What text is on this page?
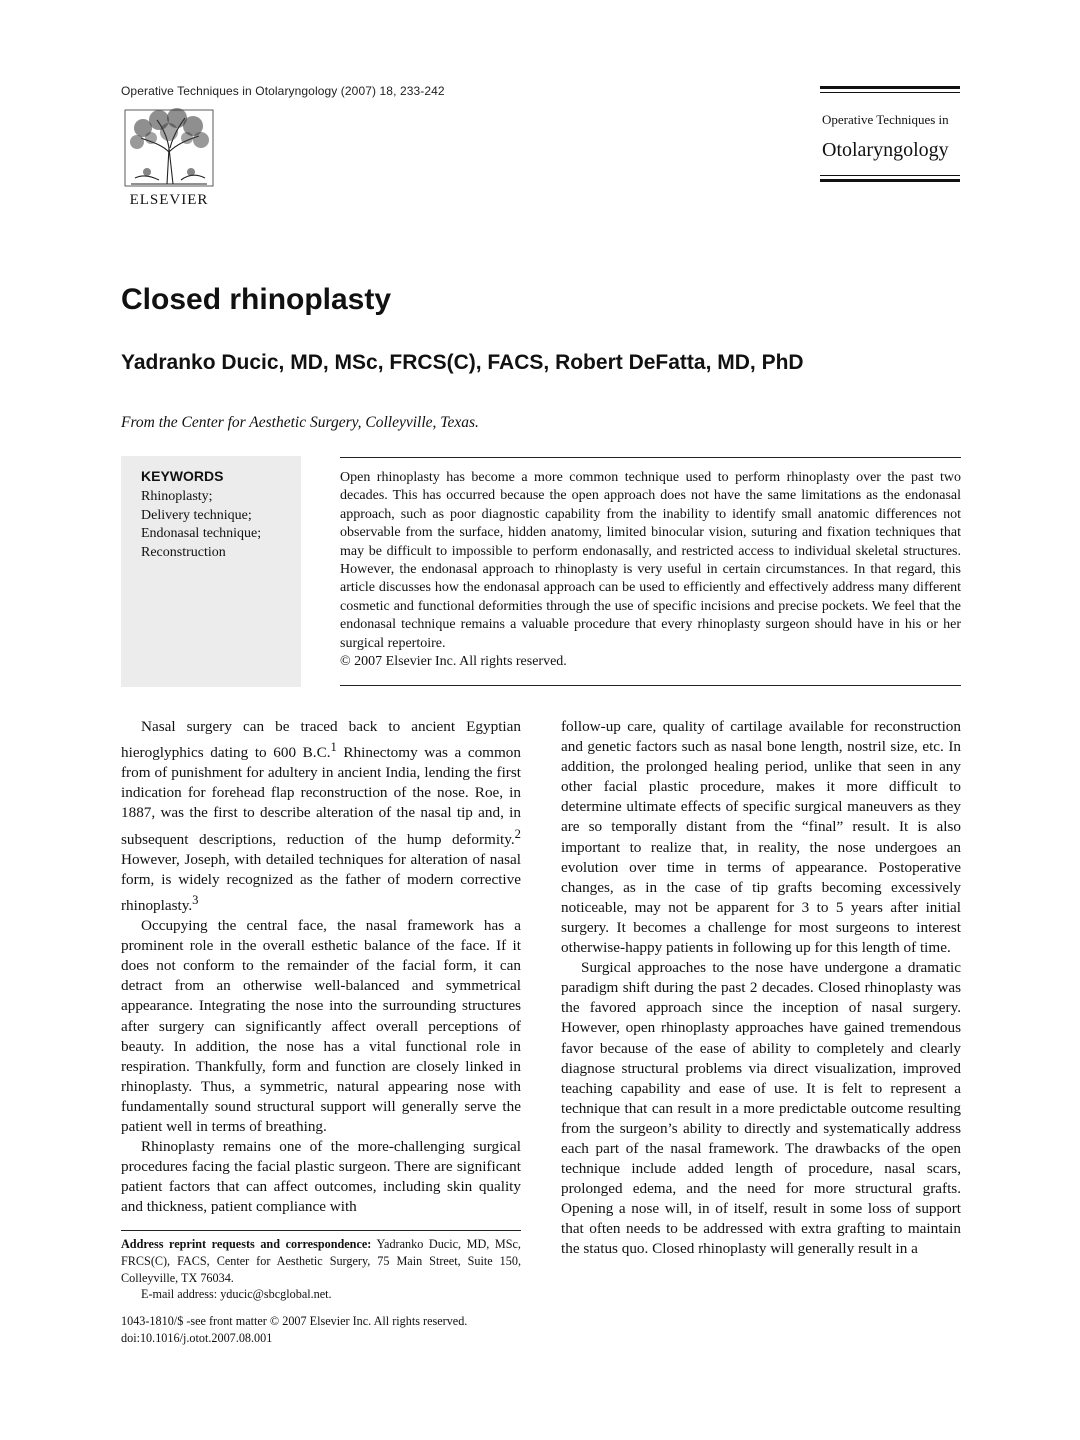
Operative Techniques in Otolaryngology (2007) 18, 233-242
ELSEVIER
Operative Techniques in
Otolaryngology
Closed rhinoplasty
Yadranko Ducic, MD, MSc, FRCS(C), FACS, Robert DeFatta, MD, PhD
From the Center for Aesthetic Surgery, Colleyville, Texas.
KEYWORDS
Rhinoplasty;
Delivery technique;
Endonasal technique;
Reconstruction

Open rhinoplasty has become a more common technique used to perform rhinoplasty over the past two decades. This has occurred because the open approach does not have the same limitations as the endonasal approach, such as poor diagnostic capability from the inability to identify small anatomic differences not observable from the surface, hidden anatomy, limited binocular vision, suturing and fixation techniques that may be difficult to impossible to perform endonasally, and restricted access to individual skeletal structures. However, the endonasal approach to rhinoplasty is very useful in certain circumstances. In that regard, this article discusses how the endonasal approach can be used to efficiently and effectively address many different cosmetic and functional deformities through the use of specific incisions and precise pockets. We feel that the endonasal technique remains a valuable procedure that every rhinoplasty surgeon should have in his or her surgical repertoire.

© 2007 Elsevier Inc. All rights reserved.

Nasal surgery can be traced back to ancient Egyptian hieroglyphics dating to 600 B.C.$^1$ Rhinectomy was a common from of punishment for adultery in ancient India, lending the first indication for forehead flap reconstruction of the nose. Roe, in 1887, was the first to describe alteration of the nasal tip and, in subsequent descriptions, reduction of the hump deformity.$^2$ However, Joseph, with detailed techniques for alteration of nasal form, is widely recognized as the father of modern corrective rhinoplasty.$^3$

Occupying the central face, the nasal framework has a prominent role in the overall esthetic balance of the face. If it does not conform to the remainder of the facial form, it can detract from an otherwise well-balanced and symmetrical appearance. Integrating the nose into the surrounding structures after surgery can significantly affect overall perceptions of beauty. In addition, the nose has a vital functional role in respiration. Thankfully, form and function are closely linked in rhinoplasty. Thus, a symmetric, natural appearing nose with fundamentally sound structural support will generally serve the patient well in terms of breathing.

Rhinoplasty remains one of the more-challenging surgical procedures facing the facial plastic surgeon. There are significant patient factors that can affect outcomes, including skin quality and thickness, patient compliance with

Address reprint requests and correspondence: Yadranko Ducic, MD, MSc, FRCS(C), FACS, Center for Aesthetic Surgery, 75 Main Street, Suite 150, Colleyville, TX 76034.

E-mail address: yducic@sbcglobal.net.

1043-1810/$ -see front matter © 2007 Elsevier Inc. All rights reserved.
doi:10.1016/j.otot.2007.08.001

follow-up care, quality of cartilage available for reconstruction and genetic factors such as nasal bone length, nostril size, etc. In addition, the prolonged healing period, unlike that seen in any other facial plastic procedure, makes it more difficult to determine ultimate effects of specific surgical maneuvers as they are so temporally distant from the “final” result. It is also important to realize that, in reality, the nose undergoes an evolution over time in terms of appearance. Postoperative changes, as in the case of tip grafts becoming excessively noticeable, may not be apparent for 3 to 5 years after initial surgery. It becomes a challenge for most surgeons to interest otherwise-happy patients in following up for this length of time.

Surgical approaches to the nose have undergone a dramatic paradigm shift during the past 2 decades. Closed rhinoplasty was the favored approach since the inception of nasal surgery. However, open rhinoplasty approaches have gained tremendous favor because of the ease of ability to completely and clearly diagnose structural problems via direct visualization, improved teaching capability and ease of use. It is felt to represent a technique that can result in a more predictable outcome resulting from the surgeon’s ability to directly and systematically address each part of the nasal framework. The drawbacks of the open technique include added length of procedure, nasal scars, prolonged edema, and the need for more structural grafts. Opening a nose will, in of itself, result in some loss of support that often needs to be addressed with extra grafting to maintain the status quo. Closed rhinoplasty will generally result in a
